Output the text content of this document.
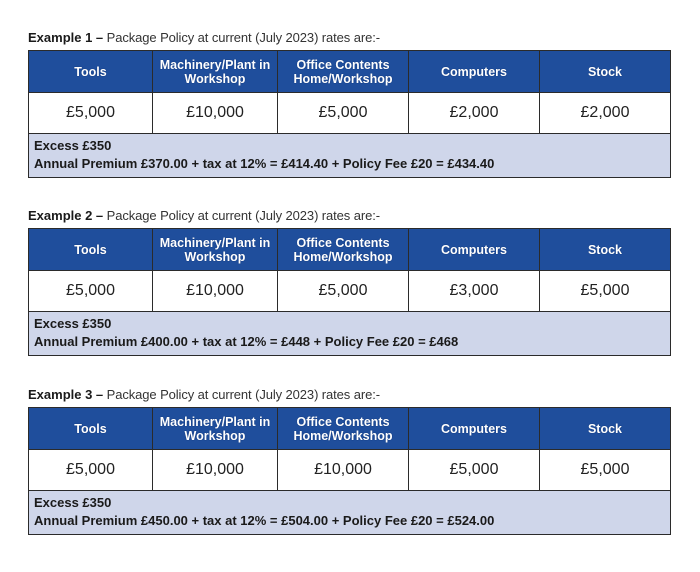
Example 1 – Package Policy at current (July 2023) rates are:-
Tools	Machinery/Plant in Workshop	Office Contents Home/Workshop	Computers	Stock
£5,000	£10,000	£5,000	£2,000	£2,000

Excess £350
Annual Premium £370.00 + tax at 12% = £414.40 + Policy Fee £20 = £434.40				
Example 2 – Package Policy at current (July 2023) rates are:-
Tools	Machinery/Plant in Workshop	Office Contents Home/Workshop	Computers	Stock
£5,000	£10,000	£5,000	£3,000	£5,000

Excess £350
Annual Premium £400.00 + tax at 12% = £448 + Policy Fee £20 = £468				
Example 3 – Package Policy at current (July 2023) rates are:-
Tools	Machinery/Plant in Workshop	Office Contents Home/Workshop	Computers	Stock
£5,000	£10,000	£10,000	£5,000	£5,000

Excess £350
Annual Premium £450.00 + tax at 12% = £504.00 + Policy Fee £20 = £524.00				
